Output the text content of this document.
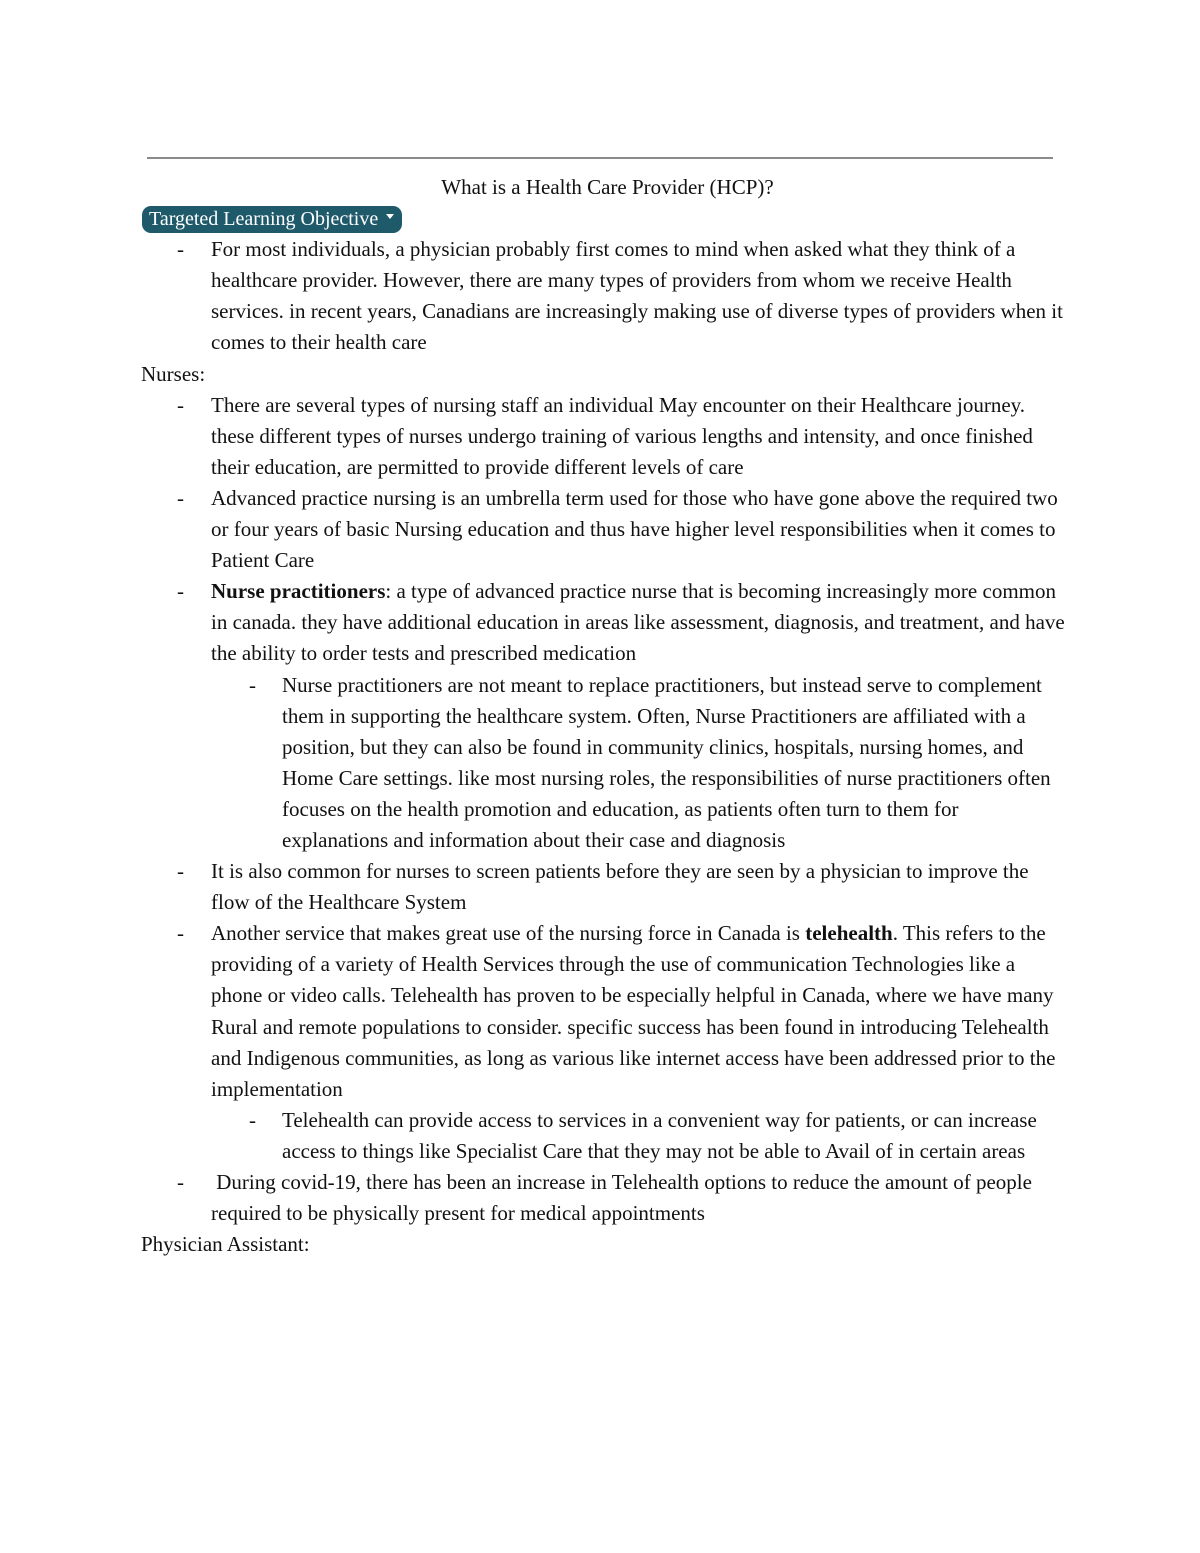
What is a Health Care Provider (HCP)?
Targeted Learning Objective
- For most individuals, a physician probably first comes to mind when asked what they think of a healthcare provider. However, there are many types of providers from whom we receive Health services. in recent years, Canadians are increasingly making use of diverse types of providers when it comes to their health care

Nurses:

- There are several types of nursing staff an individual May encounter on their Healthcare journey. these different types of nurses undergo training of various lengths and intensity, and once finished their education, are permitted to provide different levels of care
- Advanced practice nursing is an umbrella term used for those who have gone above the required two or four years of basic Nursing education and thus have higher level responsibilities when it comes to Patient Care
- Nurse practitioners: a type of advanced practice nurse that is becoming increasingly more common in canada. they have additional education in areas like assessment, diagnosis, and treatment, and have the ability to order tests and prescribed medication
- Nurse practitioners are not meant to replace practitioners, but instead serve to complement them in supporting the healthcare system. Often, Nurse Practitioners are affiliated with a position, but they can also be found in community clinics, hospitals, nursing homes, and Home Care settings. like most nursing roles, the responsibilities of nurse practitioners often focuses on the health promotion and education, as patients often turn to them for explanations and information about their case and diagnosis
- It is also common for nurses to screen patients before they are seen by a physician to improve the flow of the Healthcare System
- Another service that makes great use of the nursing force in Canada is telehealth. This refers to the providing of a variety of Health Services through the use of communication Technologies like a phone or video calls. Telehealth has proven to be especially helpful in Canada, where we have many Rural and remote populations to consider. specific success has been found in introducing Telehealth and Indigenous communities, as long as various like internet access have been addressed prior to the implementation
- Telehealth can provide access to services in a convenient way for patients, or can increase access to things like Specialist Care that they may not be able to Avail of in certain areas
-  During covid-19, there has been an increase in Telehealth options to reduce the amount of people required to be physically present for medical appointments

Physician Assistant:
